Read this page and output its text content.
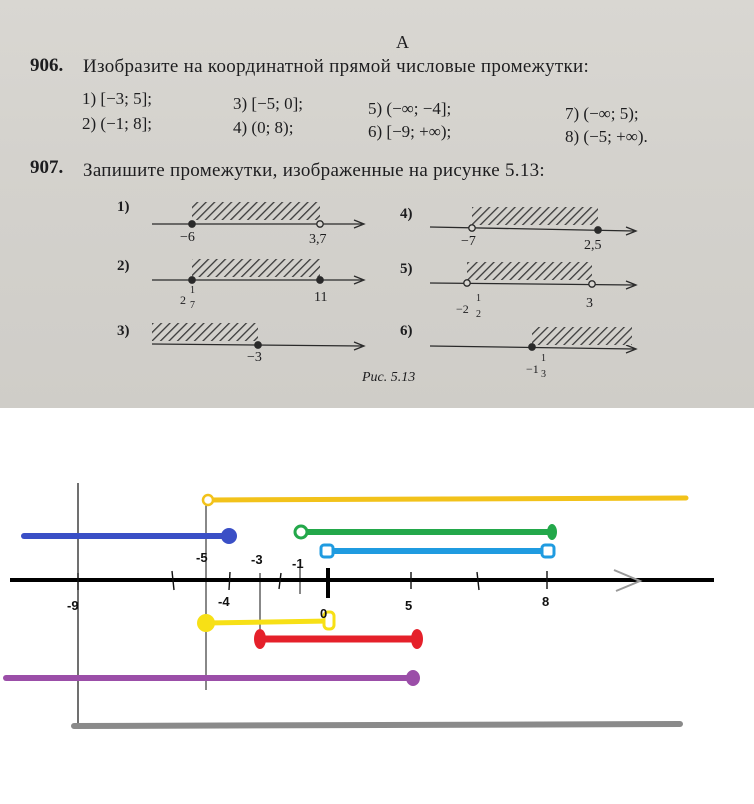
А
906. Изобразите на координатной прямой числовые промежутки:
1) [−3; 5];
2) (−1; 8];
3) [−5; 0];
4) (0; 8);
5) (−∞; −4];
6) [−9; +∞);
7) (−∞; 5);
8) (−5; +∞).
907. Запишите промежутки, изображенные на рисунке 5.13:
1)
2)
3)
4)
5)
6)
−6	3,7
2
1
7
11
−3
−7	2,5
−2
1
2
3
−1
1
3
Рис. 5.13
-5	-3 -1
-9	-4
0
5	8
